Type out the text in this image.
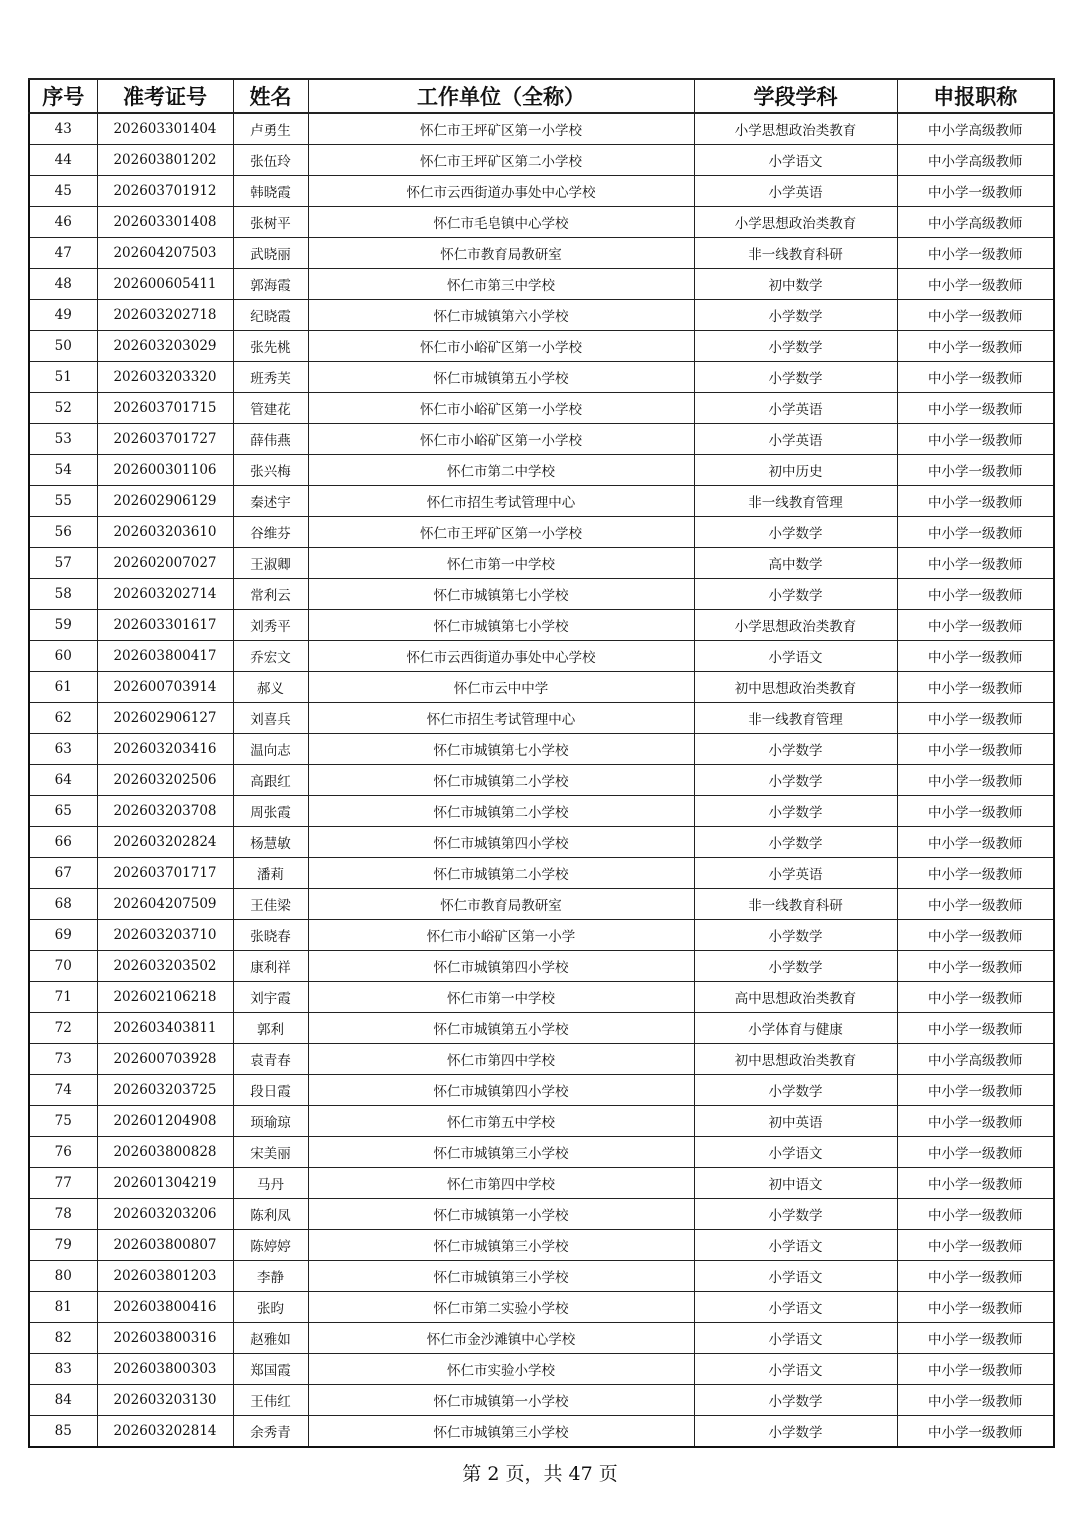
序号	准考证号	姓名	工作单位（全称）	学段学科	申报职称
43	202603301404	卢勇生	怀仁市王坪矿区第一小学校	小学思想政治类教育	中小学高级教师
44	202603801202	张伍玲	怀仁市王坪矿区第二小学校	小学语文	中小学高级教师
45	202603701912	韩晓霞	怀仁市云西街道办事处中心学校	小学英语	中小学一级教师
46	202603301408	张树平	怀仁市毛皂镇中心学校	小学思想政治类教育	中小学高级教师
47	202604207503	武晓丽	怀仁市教育局教研室	非一线教育科研	中小学一级教师
48	202600605411	郭海霞	怀仁市第三中学校	初中数学	中小学一级教师
49	202603202718	纪晓霞	怀仁市城镇第六小学校	小学数学	中小学一级教师
50	202603203029	张先桃	怀仁市小峪矿区第一小学校	小学数学	中小学一级教师
51	202603203320	班秀芙	怀仁市城镇第五小学校	小学数学	中小学一级教师
52	202603701715	管建花	怀仁市小峪矿区第一小学校	小学英语	中小学一级教师
53	202603701727	薛伟燕	怀仁市小峪矿区第一小学校	小学英语	中小学一级教师
54	202600301106	张兴梅	怀仁市第二中学校	初中历史	中小学一级教师
55	202602906129	秦述宇	怀仁市招生考试管理中心	非一线教育管理	中小学一级教师
56	202603203610	谷维芬	怀仁市王坪矿区第一小学校	小学数学	中小学一级教师
57	202602007027	王淑卿	怀仁市第一中学校	高中数学	中小学一级教师
58	202603202714	常利云	怀仁市城镇第七小学校	小学数学	中小学一级教师
59	202603301617	刘秀平	怀仁市城镇第七小学校	小学思想政治类教育	中小学一级教师
60	202603800417	乔宏文	怀仁市云西街道办事处中心学校	小学语文	中小学一级教师
61	202600703914	郝义	怀仁市云中中学	初中思想政治类教育	中小学一级教师
62	202602906127	刘喜兵	怀仁市招生考试管理中心	非一线教育管理	中小学一级教师
63	202603203416	温向志	怀仁市城镇第七小学校	小学数学	中小学一级教师
64	202603202506	高跟红	怀仁市城镇第二小学校	小学数学	中小学一级教师
65	202603203708	周张霞	怀仁市城镇第二小学校	小学数学	中小学一级教师
66	202603202824	杨慧敏	怀仁市城镇第四小学校	小学数学	中小学一级教师
67	202603701717	潘莉	怀仁市城镇第二小学校	小学英语	中小学一级教师
68	202604207509	王佳梁	怀仁市教育局教研室	非一线教育科研	中小学一级教师
69	202603203710	张晓春	怀仁市小峪矿区第一小学	小学数学	中小学一级教师
70	202603203502	康利祥	怀仁市城镇第四小学校	小学数学	中小学一级教师
71	202602106218	刘宇霞	怀仁市第一中学校	高中思想政治类教育	中小学一级教师
72	202603403811	郭利	怀仁市城镇第五小学校	小学体育与健康	中小学一级教师
73	202600703928	袁青春	怀仁市第四中学校	初中思想政治类教育	中小学高级教师
74	202603203725	段日霞	怀仁市城镇第四小学校	小学数学	中小学一级教师
75	202601204908	顼瑜琼	怀仁市第五中学校	初中英语	中小学一级教师
76	202603800828	宋美丽	怀仁市城镇第三小学校	小学语文	中小学一级教师
77	202601304219	马丹	怀仁市第四中学校	初中语文	中小学一级教师
78	202603203206	陈利凤	怀仁市城镇第一小学校	小学数学	中小学一级教师
79	202603800807	陈婷婷	怀仁市城镇第三小学校	小学语文	中小学一级教师
80	202603801203	李静	怀仁市城镇第三小学校	小学语文	中小学一级教师
81	202603800416	张昀	怀仁市第二实验小学校	小学语文	中小学一级教师
82	202603800316	赵雅如	怀仁市金沙滩镇中心学校	小学语文	中小学一级教师
83	202603800303	郑国霞	怀仁市实验小学校	小学语文	中小学一级教师
84	202603203130	王伟红	怀仁市城镇第一小学校	小学数学	中小学一级教师
85	202603202814	余秀青	怀仁市城镇第三小学校	小学数学	中小学一级教师
第 2 页，共 47 页
